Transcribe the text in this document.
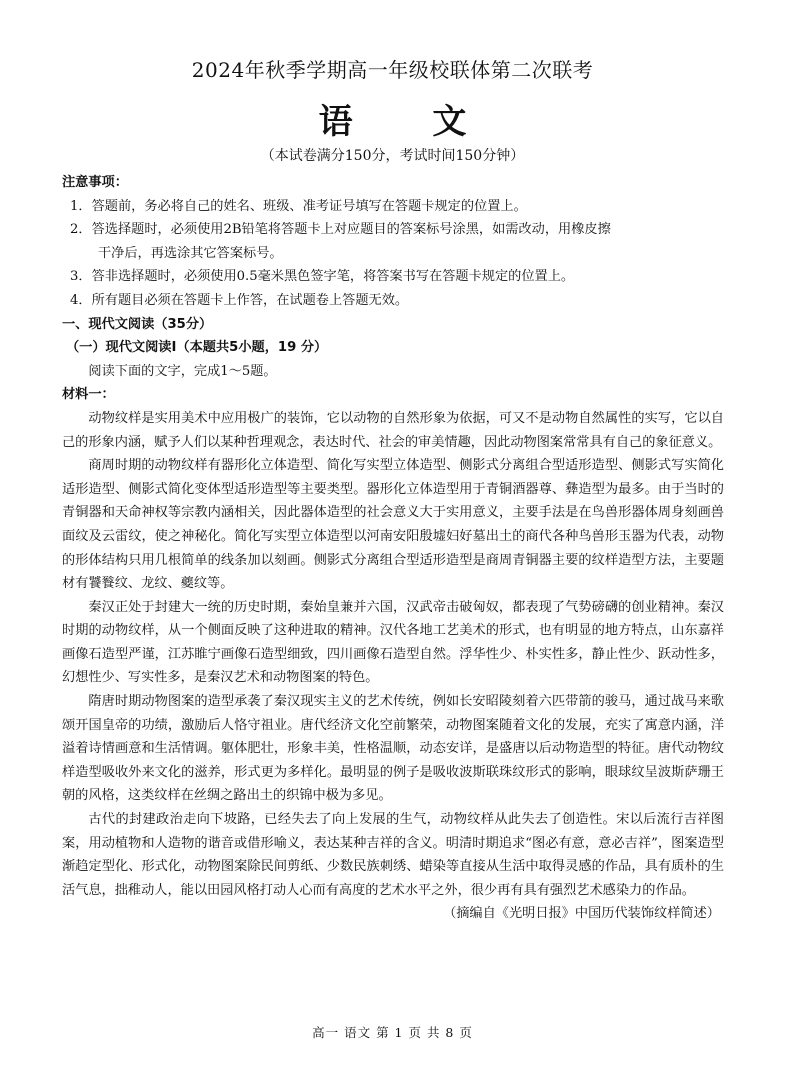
2024年秋季学期高一年级校联体第二次联考
语 文
（本试卷满分150分，考试时间150分钟）

注意事项：

1．答题前，务必将自己的姓名、班级、准考证号填写在答题卡规定的位置上。

2．答选择题时，必须使用2B铅笔将答题卡上对应题目的答案标号涂黑，如需改动，用橡皮擦

干净后，再选涂其它答案标号。

3．答非选择题时，必须使用0.5毫米黑色签字笔，将答案书写在答题卡规定的位置上。

4．所有题目必须在答题卡上作答，在试题卷上答题无效。

一、现代文阅读（35分）

（一）现代文阅读Ⅰ（本题共5小题，19 分）

阅读下面的文字，完成1～5题。

材料一：

动物纹样是实用美术中应用极广的装饰，它以动物的自然形象为依据，可又不是动物自然属性的实写，它以自己的形象内涵，赋予人们以某种哲理观念，表达时代、社会的审美情趣，因此动物图案常常具有自己的象征意义。

商周时期的动物纹样有器形化立体造型、简化写实型立体造型、侧影式分离组合型适形造型、侧影式写实简化适形造型、侧影式简化变体型适形造型等主要类型。器形化立体造型用于青铜酒器尊、彝造型为最多。由于当时的青铜器和天命神权等宗教内涵相关，因此器体造型的社会意义大于实用意义，主要手法是在鸟兽形器体周身刻画兽面纹及云雷纹，使之神秘化。简化写实型立体造型以河南安阳殷墟妇好墓出土的商代各种鸟兽形玉器为代表，动物的形体结构只用几根简单的线条加以刻画。侧影式分离组合型适形造型是商周青铜器主要的纹样造型方法，主要题材有饕餮纹、龙纹、夔纹等。

秦汉正处于封建大一统的历史时期，秦始皇兼并六国，汉武帝击破匈奴，都表现了气势磅礴的创业精神。秦汉时期的动物纹样，从一个侧面反映了这种进取的精神。汉代各地工艺美术的形式，也有明显的地方特点，山东嘉祥画像石造型严谨，江苏睢宁画像石造型细致，四川画像石造型自然。浮华性少、朴实性多，静止性少、跃动性多，幻想性少、写实性多，是秦汉艺术和动物图案的特色。

隋唐时期动物图案的造型承袭了秦汉现实主义的艺术传统，例如长安昭陵刻着六匹带箭的骏马，通过战马来歌颂开国皇帝的功绩，激励后人恪守祖业。唐代经济文化空前繁荣，动物图案随着文化的发展，充实了寓意内涵，洋溢着诗情画意和生活情调。躯体肥壮，形象丰美，性格温顺，动态安详，是盛唐以后动物造型的特征。唐代动物纹样造型吸收外来文化的滋养，形式更为多样化。最明显的例子是吸收波斯联珠纹形式的影响，眼球纹呈波斯萨珊王朝的风格，这类纹样在丝绸之路出土的织锦中极为多见。

古代的封建政治走向下坡路，已经失去了向上发展的生气，动物纹样从此失去了创造性。宋以后流行吉祥图案，用动植物和人造物的谐音或借形喻义，表达某种吉祥的含义。明清时期追求“图必有意，意必吉祥”，图案造型渐趋定型化、形式化，动物图案除民间剪纸、少数民族刺绣、蜡染等直接从生活中取得灵感的作品，具有质朴的生活气息，拙稚动人，能以田园风格打动人心而有高度的艺术水平之外，很少再有具有强烈艺术感染力的作品。

（摘编自《光明日报》中国历代装饰纹样简述）

高一 语文 第 1 页 共 8 页
